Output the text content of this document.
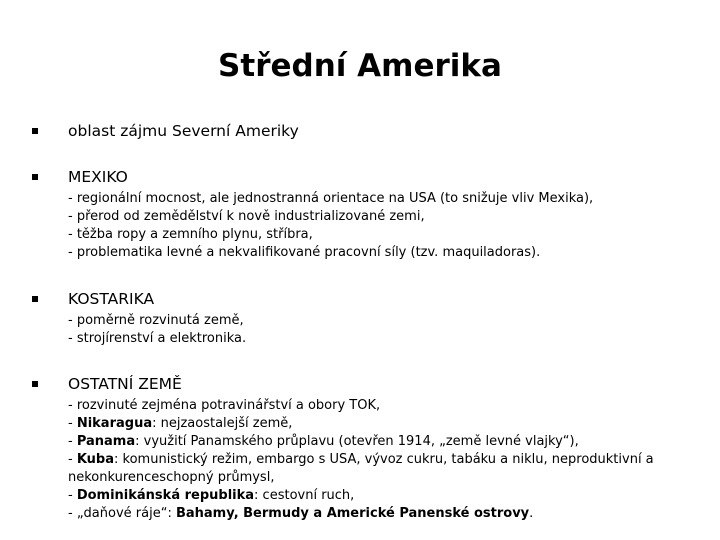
Střední Amerika
oblast zájmu Severní Ameriky
MEXIKO
- regionální mocnost, ale jednostranná orientace na USA (to snižuje vliv Mexika),
- přerod od zemědělství k nově industrializované zemi,
- těžba ropy a zemního plynu, stříbra,
- problematika levné a nekvalifikované pracovní síly (tzv. maquiladoras).
KOSTARIKA
- poměrně rozvinutá země,
- strojírenství a elektronika.
OSTATNÍ ZEMĚ
- rozvinuté zejména potravinářství a obory TOK,
- Nikaragua: nejzaostalejší země,
- Panama: využití Panamského průplavu (otevřen 1914, „země levné vlajky“),
- Kuba: komunistický režim, embargo s USA, vývoz cukru, tabáku a niklu, neproduktivní a nekonkurenceschopný průmysl,
- Dominikánská republika: cestovní ruch,
- „daňové ráje“: Bahamy, Bermudy a Americké Panenské ostrovy.
